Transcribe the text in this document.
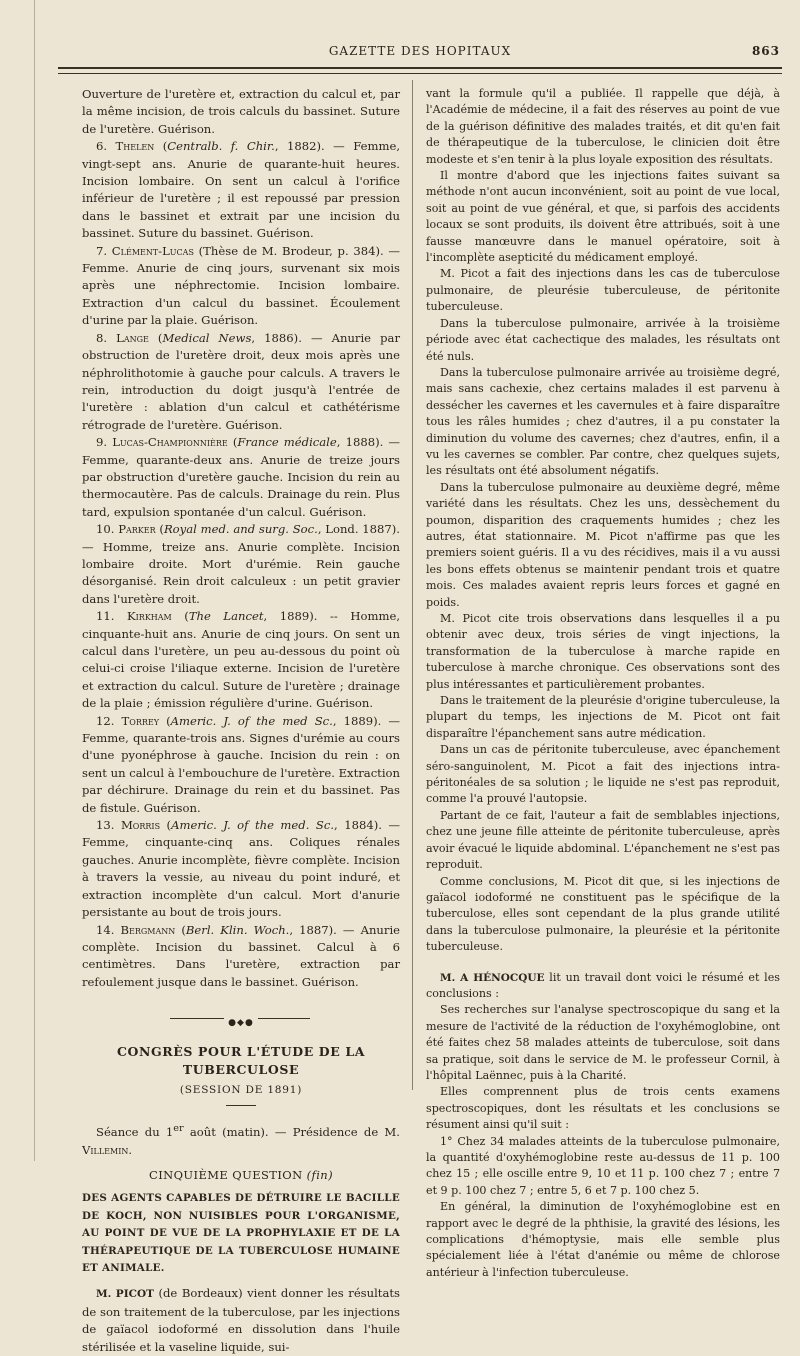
GAZETTE DES HOPITAUX	863

Ouverture de l'uretère et, extraction du calcul et, par la même incision, de trois calculs du bassinet. Suture de l'uretère. Guérison.

6. Thelen (Centralb. f. Chir., 1882). — Femme, vingt-sept ans. Anurie de quarante-huit heures. Incision lombaire. On sent un calcul à l'orifice inférieur de l'uretère ; il est repoussé par pression dans le bassinet et extrait par une incision du bassinet. Suture du bassinet. Guérison.

7. Clément-Lucas (Thèse de M. Brodeur, p. 384). — Femme. Anurie de cinq jours, survenant six mois après une néphrectomie. Incision lombaire. Extraction d'un calcul du bassinet. Écoulement d'urine par la plaie. Guérison.

8. Lange (Medical News, 1886). — Anurie par obstruction de l'uretère droit, deux mois après une néphrolithotomie à gauche pour calculs. A travers le rein, introduction du doigt jusqu'à l'entrée de l'uretère : ablation d'un calcul et cathétérisme rétrograde de l'uretère. Guérison.

9. Lucas-Championnière (France médicale, 1888). — Femme, quarante-deux ans. Anurie de treize jours par obstruction d'uretère gauche. Incision du rein au thermocautère. Pas de calculs. Drainage du rein. Plus tard, expulsion spontanée d'un calcul. Guérison.

10. Parker (Royal med. and surg. Soc., Lond. 1887). — Homme, treize ans. Anurie complète. Incision lombaire droite. Mort d'urémie. Rein gauche désorganisé. Rein droit calculeux : un petit gravier dans l'uretère droit.

11. Kirkham (The Lancet, 1889). -- Homme, cinquante-huit ans. Anurie de cinq jours. On sent un calcul dans l'uretère, un peu au-dessous du point où celui-ci croise l'iliaque externe. Incision de l'uretère et extraction du calcul. Suture de l'uretère ; drainage de la plaie ; émission régulière d'urine. Guérison.

12. Torrey (Americ. J. of the med Sc., 1889). — Femme, quarante-trois ans. Signes d'urémie au cours d'une pyonéphrose à gauche. Incision du rein : on sent un calcul à l'embouchure de l'uretère. Extraction par déchirure. Drainage du rein et du bassinet. Pas de fistule. Guérison.

13. Morris (Americ. J. of the med. Sc., 1884). — Femme, cinquante-cinq ans. Coliques rénales gauches. Anurie incomplète, fièvre complète. Incision à travers la vessie, au niveau du point induré, et extraction incomplète d'un calcul. Mort d'anurie persistante au bout de trois jours.

14. Bergmann (Berl. Klin. Woch., 1887). — Anurie complète. Incision du bassinet. Calcul à 6 centimètres. Dans l'uretère, extraction par refoulement jusque dans le bassinet. Guérison.

●◆●
CONGRÈS POUR L'ÉTUDE DE LA TUBERCULOSE
(SESSION DE 1891)

Séance du 1er août (matin). — Présidence de M. Villemin.

CINQUIÈME QUESTION (fin)

DES AGENTS CAPABLES DE DÉTRUIRE LE BACILLE DE KOCH, NON NUISIBLES POUR L'ORGANISME, AU POINT DE VUE DE LA PROPHYLAXIE ET DE LA THÉRAPEUTIQUE DE LA TUBERCULOSE HUMAINE ET ANIMALE.

M. PICOT (de Bordeaux) vient donner les résultats de son traitement de la tuberculose, par les injections de gaïacol iodoformé en dissolution dans l'huile stérilisée et la vaseline liquide, sui-

vant la formule qu'il a publiée. Il rappelle que déjà, à l'Académie de médecine, il a fait des réserves au point de vue de la guérison définitive des malades traités, et dit qu'en fait de thérapeutique de la tuberculose, le clinicien doit être modeste et s'en tenir à la plus loyale exposition des résultats.

Il montre d'abord que les injections faites suivant sa méthode n'ont aucun inconvénient, soit au point de vue local, soit au point de vue général, et que, si parfois des accidents locaux se sont produits, ils doivent être attribués, soit à une fausse manœuvre dans le manuel opératoire, soit à l'incomplète asepticité du médicament employé.

M. Picot a fait des injections dans les cas de tuberculose pulmonaire, de pleurésie tuberculeuse, de péritonite tuberculeuse.

Dans la tuberculose pulmonaire, arrivée à la troisième période avec état cachectique des malades, les résultats ont été nuls.

Dans la tuberculose pulmonaire arrivée au troisième degré, mais sans cachexie, chez certains malades il est parvenu à dessécher les cavernes et les cavernules et à faire disparaître tous les râles humides ; chez d'autres, il a pu constater la diminution du volume des cavernes; chez d'autres, enfin, il a vu les cavernes se combler. Par contre, chez quelques sujets, les résultats ont été absolument négatifs.

Dans la tuberculose pulmonaire au deuxième degré, même variété dans les résultats. Chez les uns, dessèchement du poumon, disparition des craquements humides ; chez les autres, état stationnaire. M. Picot n'affirme pas que les premiers soient guéris. Il a vu des récidives, mais il a vu aussi les bons effets obtenus se maintenir pendant trois et quatre mois. Ces malades avaient repris leurs forces et gagné en poids.

M. Picot cite trois observations dans lesquelles il a pu obtenir avec deux, trois séries de vingt injections, la transformation de la tuberculose à marche rapide en tuberculose à marche chronique. Ces observations sont des plus intéressantes et particulièrement probantes.

Dans le traitement de la pleurésie d'origine tuberculeuse, la plupart du temps, les injections de M. Picot ont fait disparaître l'épanchement sans autre médication.

Dans un cas de péritonite tuberculeuse, avec épanchement séro-sanguinolent, M. Picot a fait des injections intra-péritonéales de sa solution ; le liquide ne s'est pas reproduit, comme l'a prouvé l'autopsie.

Partant de ce fait, l'auteur a fait de semblables injections, chez une jeune fille atteinte de péritonite tuberculeuse, après avoir évacué le liquide abdominal. L'épanchement ne s'est pas reproduit.

Comme conclusions, M. Picot dit que, si les injections de gaïacol iodoformé ne constituent pas le spécifique de la tuberculose, elles sont cependant de la plus grande utilité dans la tuberculose pulmonaire, la pleurésie et la péritonite tuberculeuse.

M. A HÉNOCQUE lit un travail dont voici le résumé et les conclusions :

Ses recherches sur l'analyse spectroscopique du sang et la mesure de l'activité de la réduction de l'oxyhémoglobine, ont été faites chez 58 malades atteints de tuberculose, soit dans sa pratique, soit dans le service de M. le professeur Cornil, à l'hôpital Laënnec, puis à la Charité.

Elles comprennent plus de trois cents examens spectroscopiques, dont les résultats et les conclusions se résument ainsi qu'il suit :

1° Chez 34 malades atteints de la tuberculose pulmonaire, la quantité d'oxyhémoglobine reste au-dessus de 11 p. 100 chez 15 ; elle oscille entre 9, 10 et 11 p. 100 chez 7 ; entre 7 et 9 p. 100 chez 7 ; entre 5, 6 et 7 p. 100 chez 5.

En général, la diminution de l'oxyhémoglobine est en rapport avec le degré de la phthisie, la gravité des lésions, les complications d'hémoptysie, mais elle semble plus spécialement liée à l'état d'anémie ou même de chlorose antérieur à l'infection tuberculeuse.
